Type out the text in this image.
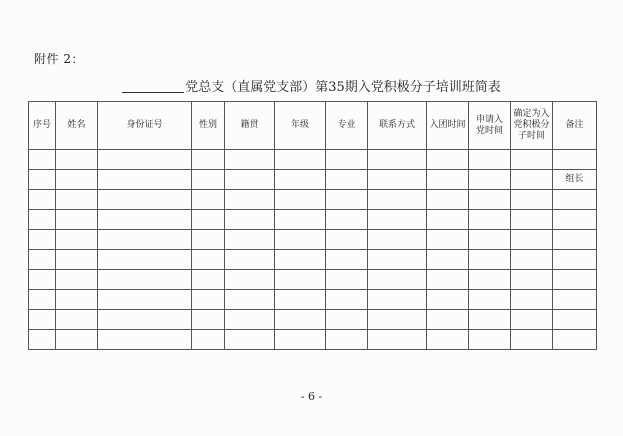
附件 2：
党总支（直属党支部）第35期入党积极分子培训班简表
序号	姓名	身份证号	性别	籍贯	年级	专业	联系方式	入团时间	申请入党时间	确定为入党积极分子时间	备注

											组长

- 6 -
